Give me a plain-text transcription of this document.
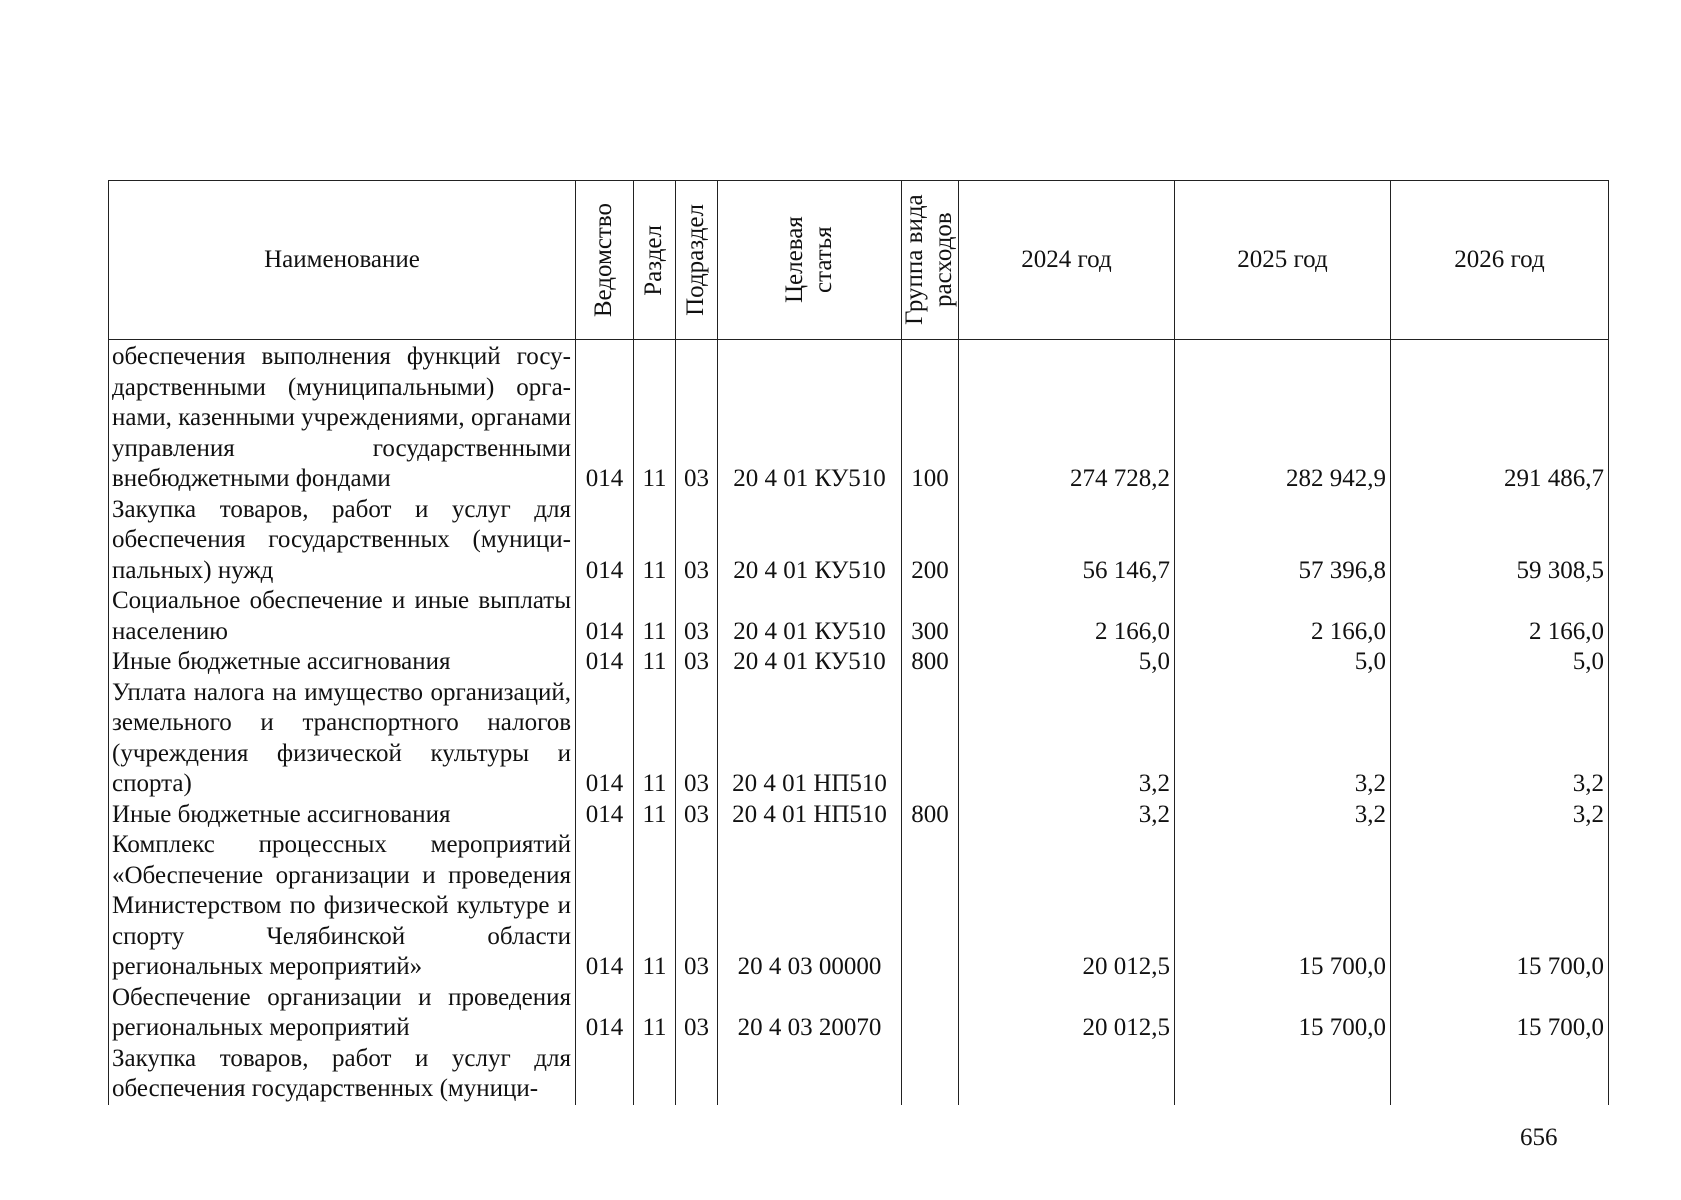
Наименование	Ведомство	Раздел	Подраздел	Целевая статья	Группа вида расходов	2024 год	2025 год	2026 год
обеспечения выполнения функций государственными (муниципальными) органами, казенными учреждениями, органами управления государственными внебюджетными фондами	014	11	03	20 4 01 КУ510	100	274 728,2	282 942,9	291 486,7
Закупка товаров, работ и услуг для обеспечения государственных (муниципальных) нужд	014	11	03	20 4 01 КУ510	200	56 146,7	57 396,8	59 308,5
Социальное обеспечение и иные выплаты населению	014	11	03	20 4 01 КУ510	300	2 166,0	2 166,0	2 166,0
Иные бюджетные ассигнования	014	11	03	20 4 01 КУ510	800	5,0	5,0	5,0
Уплата налога на имущество организаций, земельного и транспортного налогов (учреждения физической культуры и спорта)	014	11	03	20 4 01 НП510		3,2	3,2	3,2
Иные бюджетные ассигнования	014	11	03	20 4 01 НП510	800	3,2	3,2	3,2
Комплекс процессных мероприятий «Обеспечение организации и проведения Министерством по физической культуре и спорту Челябинской области региональных мероприятий»	014	11	03	20 4 03 00000		20 012,5	15 700,0	15 700,0
Обеспечение организации и проведения региональных мероприятий	014	11	03	20 4 03 20070		20 012,5	15 700,0	15 700,0
Закупка товаров, работ и услуг для обеспечения государственных (муници-								
656
